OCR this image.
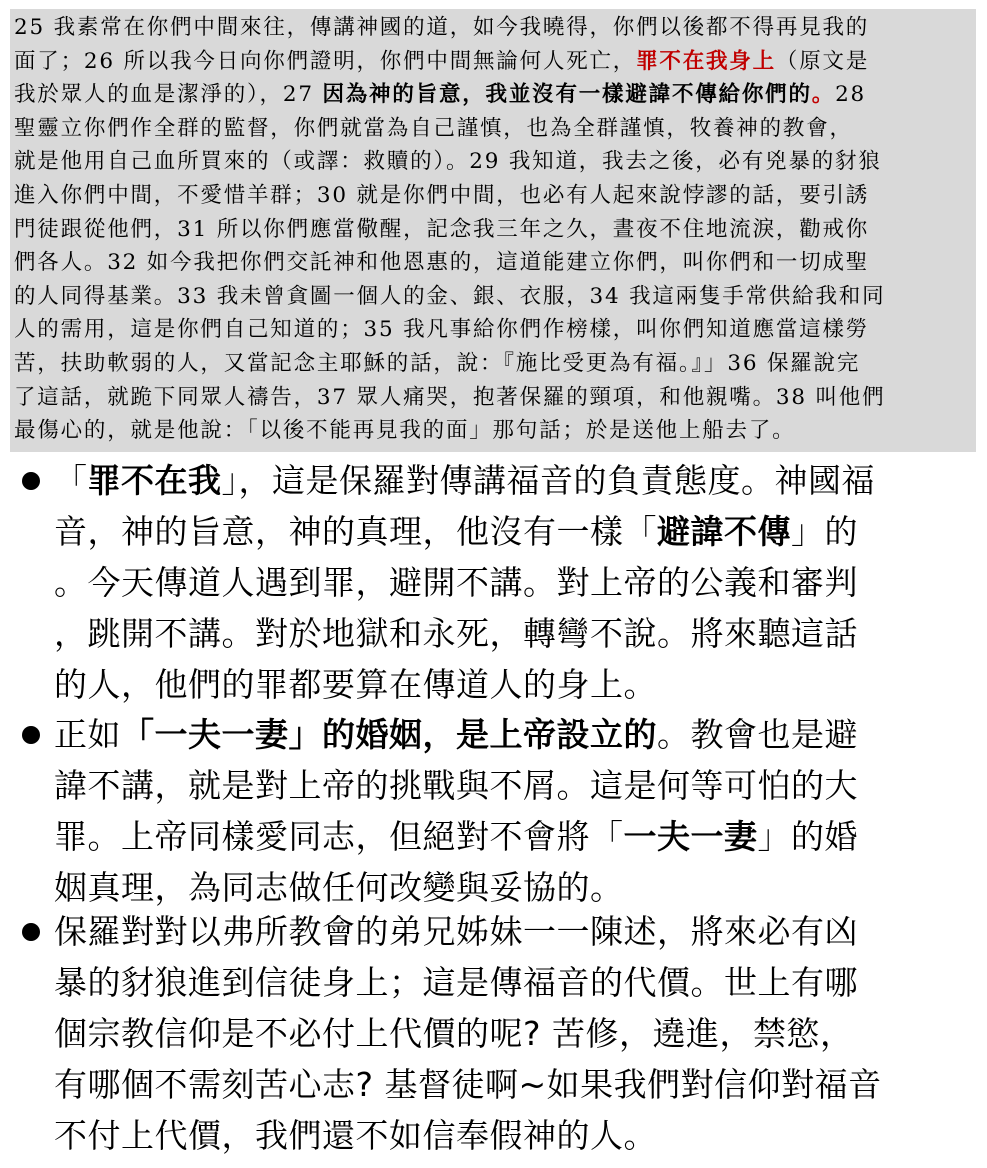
25 我素常在你們中間來往，傳講神國的道，如今我曉得，你們以後都不得再見我的
面了；26 所以我今日向你們證明，你們中間無論何人死亡，罪不在我身上（原文是
我於眾人的血是潔淨的），27 因為神的旨意，我並沒有一樣避諱不傳給你們的。28
聖靈立你們作全群的監督，你們就當為自己謹慎，也為全群謹慎，牧養神的教會，
就是他用自己血所買來的（或譯：救贖的）。29 我知道，我去之後，必有兇暴的豺狼
進入你們中間，不愛惜羊群；30 就是你們中間，也必有人起來說悖謬的話，要引誘
門徒跟從他們，31 所以你們應當儆醒，記念我三年之久，晝夜不住地流淚，勸戒你
們各人。32 如今我把你們交託神和他恩惠的，這道能建立你們，叫你們和一切成聖
的人同得基業。33 我未曾貪圖一個人的金、銀、衣服，34 我這兩隻手常供給我和同
人的需用，這是你們自己知道的；35 我凡事給你們作榜樣，叫你們知道應當這樣勞
苦，扶助軟弱的人，又當記念主耶穌的話，說：『施比受更為有福。』」36 保羅說完
了這話，就跪下同眾人禱告，37 眾人痛哭，抱著保羅的頸項，和他親嘴。38 叫他們
最傷心的，就是他說：「以後不能再見我的面」那句話；於是送他上船去了。
「罪不在我」，這是保羅對傳講福音的負責態度。神國福
音，神的旨意，神的真理，他沒有一樣「避諱不傳」的
。今天傳道人遇到罪，避開不講。對上帝的公義和審判
，跳開不講。對於地獄和永死，轉彎不說。將來聽這話
的人，他們的罪都要算在傳道人的身上。
正如「一夫一妻」的婚姻，是上帝設立的。教會也是避
諱不講，就是對上帝的挑戰與不屑。這是何等可怕的大
罪。上帝同樣愛同志，但絕對不會將「一夫一妻」的婚
姻真理，為同志做任何改變與妥協的。
保羅對對以弗所教會的弟兄姊妹一一陳述，將來必有凶
暴的豺狼進到信徒身上；這是傳福音的代價。世上有哪
個宗教信仰是不必付上代價的呢? 苦修，遶進，禁慾，
有哪個不需刻苦心志? 基督徒啊~如果我們對信仰對福音
不付上代價，我們還不如信奉假神的人。
